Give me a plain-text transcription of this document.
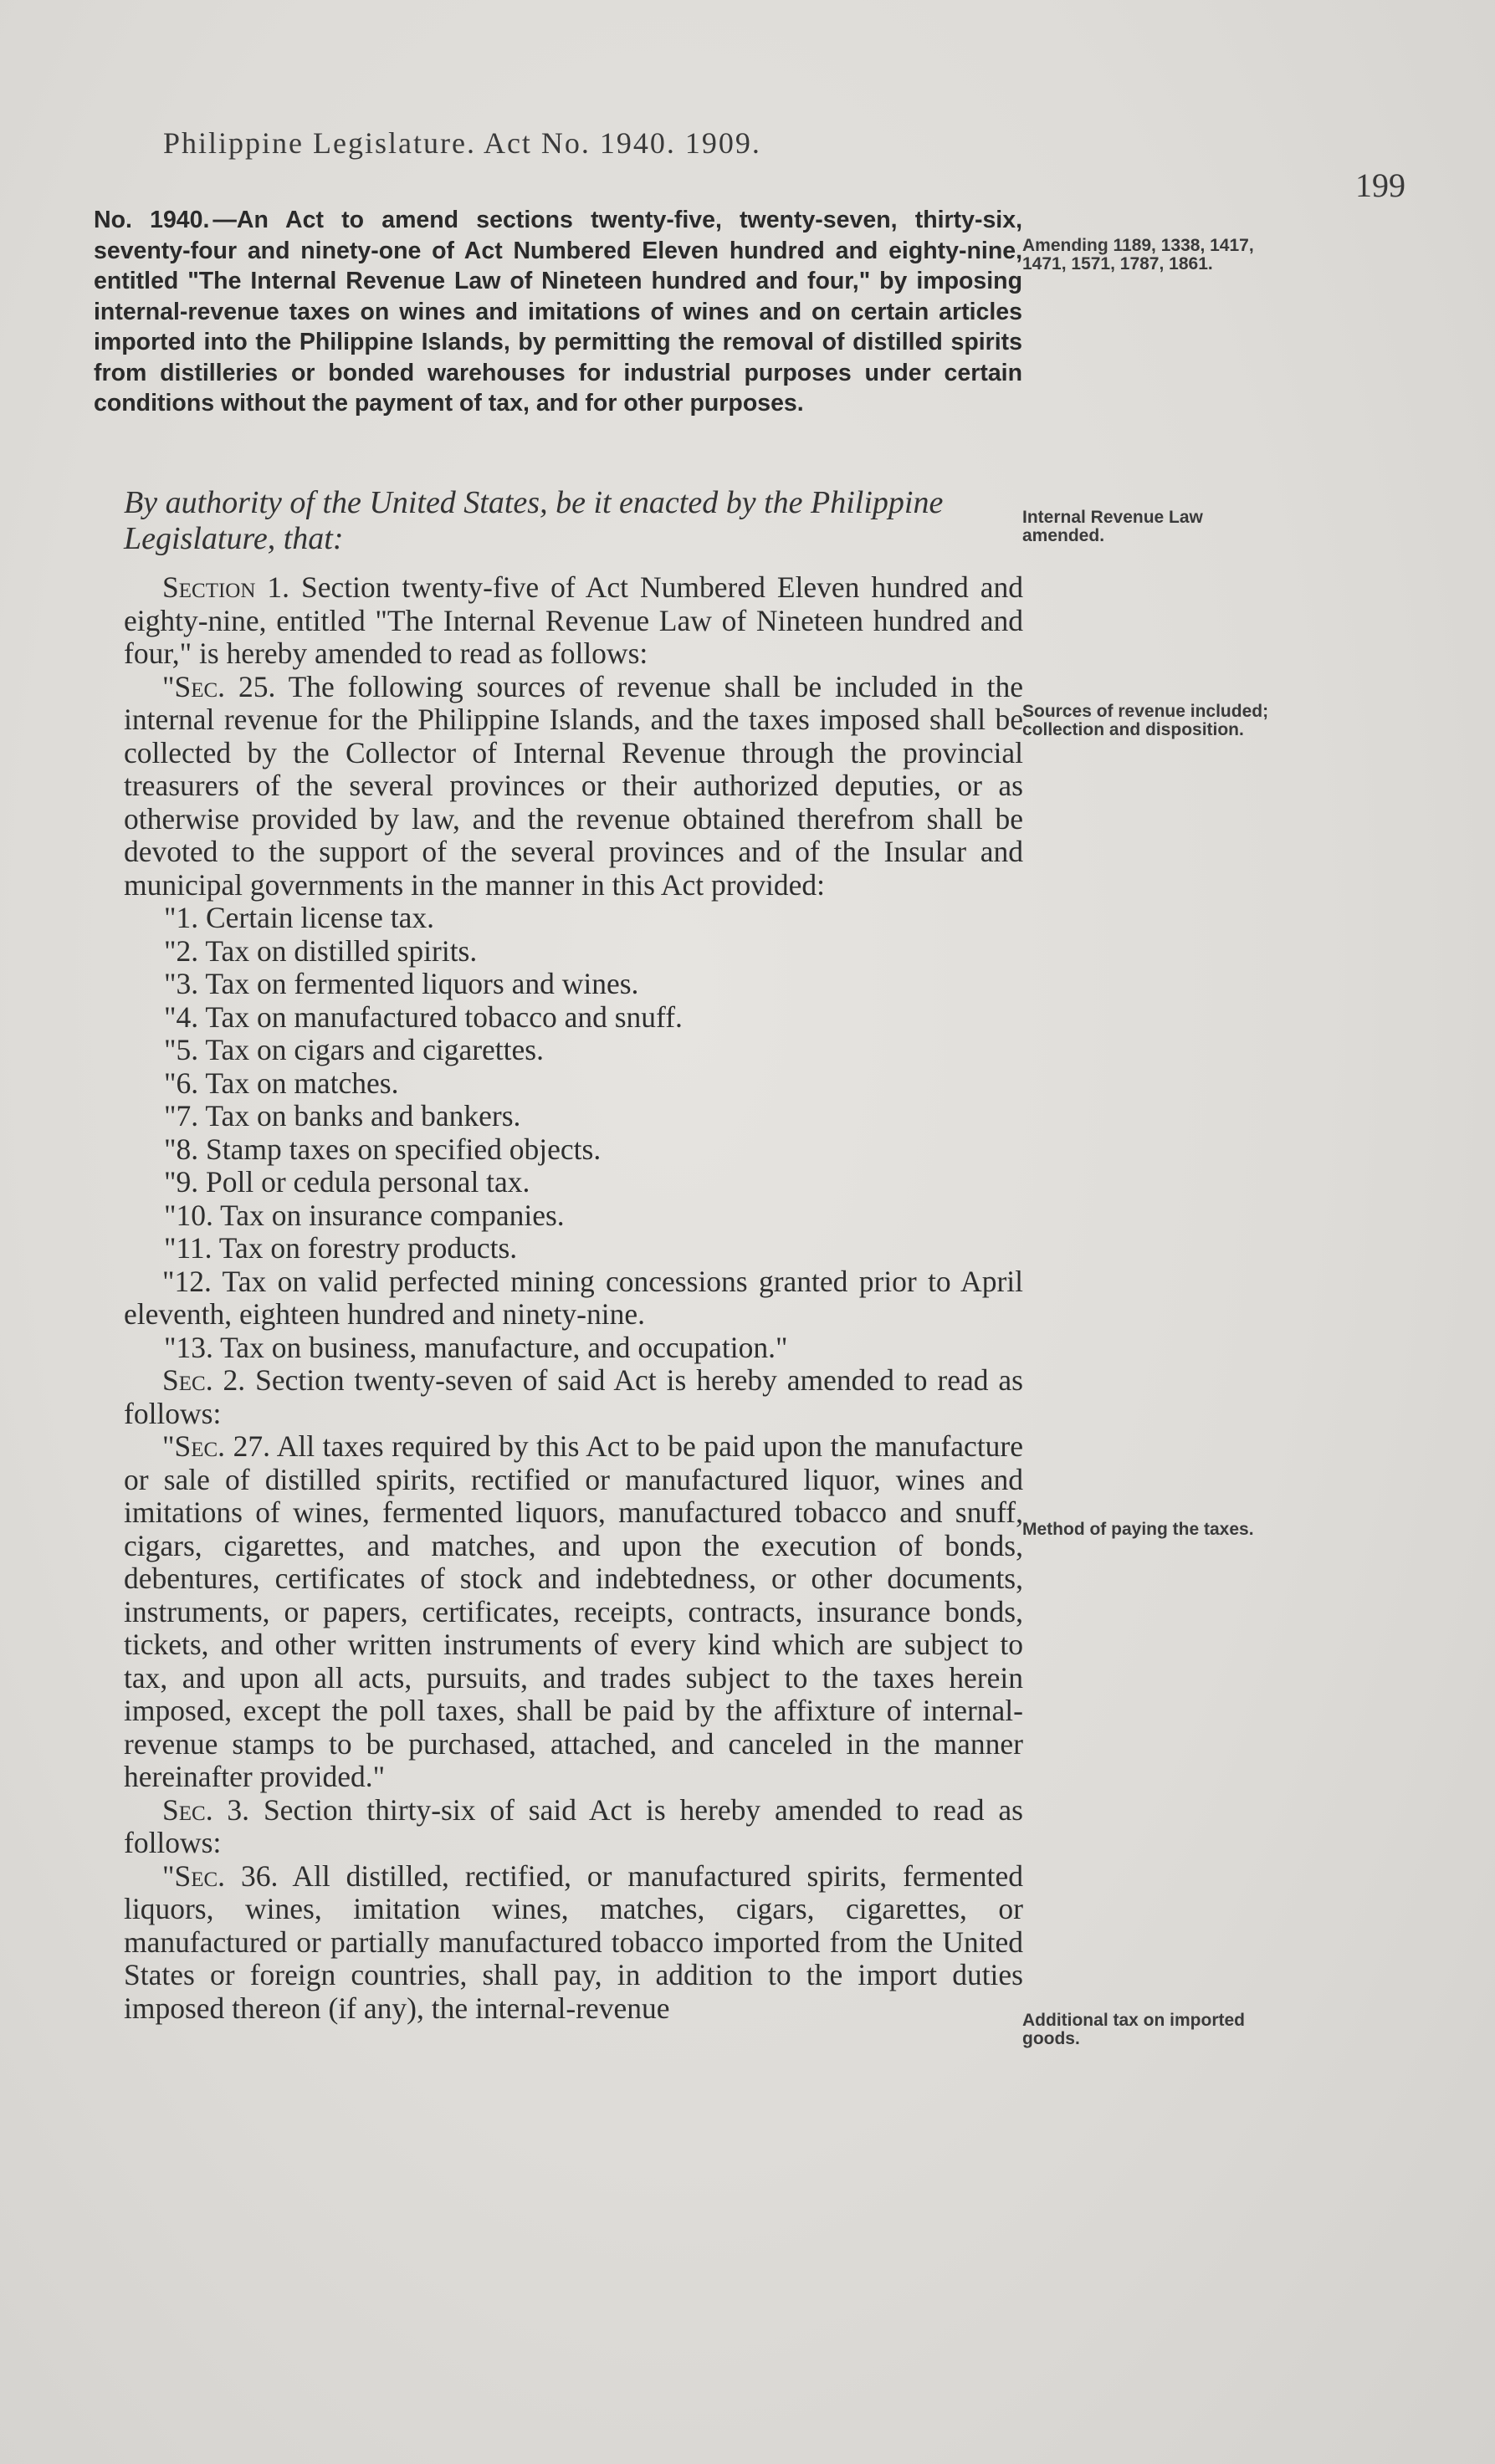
Philippine Legislature. Act No. 1940. 1909.
199
No. 1940. —An Act to amend sections twenty-five, twenty-seven, thirty-six, seventy-four and ninety-one of Act Numbered Eleven hundred and eighty-nine, entitled "The Internal Revenue Law of Nineteen hundred and four," by imposing internal-revenue taxes on wines and imitations of wines and on certain articles imported into the Philippine Islands, by permitting the removal of distilled spirits from distilleries or bonded warehouses for industrial purposes under certain conditions without the payment of tax, and for other purposes.
By authority of the United States, be it enacted by the Philippine Legislature, that:
Amending 1189, 1338, 1417, 1471, 1571, 1787, 1861.
Internal Revenue Law amended.
Sources of revenue included; collection and disposition.
Method of paying the taxes.
Additional tax on imported goods.

Section 1. Section twenty-five of Act Numbered Eleven hundred and eighty-nine, entitled "The Internal Revenue Law of Nineteen hundred and four," is hereby amended to read as follows:

"Sec. 25. The following sources of revenue shall be included in the internal revenue for the Philippine Islands, and the taxes imposed shall be collected by the Collector of Internal Revenue through the provincial treasurers of the several provinces or their authorized deputies, or as otherwise provided by law, and the revenue obtained therefrom shall be devoted to the support of the several provinces and of the Insular and municipal governments in the manner in this Act provided:

"1. Certain license tax.

"2. Tax on distilled spirits.

"3. Tax on fermented liquors and wines.

"4. Tax on manufactured tobacco and snuff.

"5. Tax on cigars and cigarettes.

"6. Tax on matches.

"7. Tax on banks and bankers.

"8. Stamp taxes on specified objects.

"9. Poll or cedula personal tax.

"10. Tax on insurance companies.

"11. Tax on forestry products.

"12. Tax on valid perfected mining concessions granted prior to April eleventh, eighteen hundred and ninety-nine.

"13. Tax on business, manufacture, and occupation."

Sec. 2. Section twenty-seven of said Act is hereby amended to read as follows:

"Sec. 27. All taxes required by this Act to be paid upon the manufacture or sale of distilled spirits, rectified or manufactured liquor, wines and imitations of wines, fermented liquors, manufactured tobacco and snuff, cigars, cigarettes, and matches, and upon the execution of bonds, debentures, certificates of stock and indebtedness, or other documents, instruments, or papers, certificates, receipts, contracts, insurance bonds, tickets, and other written instruments of every kind which are subject to tax, and upon all acts, pursuits, and trades subject to the taxes herein imposed, except the poll taxes, shall be paid by the affixture of internal-revenue stamps to be purchased, attached, and canceled in the manner hereinafter provided."

Sec. 3. Section thirty-six of said Act is hereby amended to read as follows:

"Sec. 36. All distilled, rectified, or manufactured spirits, fermented liquors, wines, imitation wines, matches, cigars, cigarettes, or manufactured or partially manufactured tobacco imported from the United States or foreign countries, shall pay, in addition to the import duties imposed thereon (if any), the internal-revenue
